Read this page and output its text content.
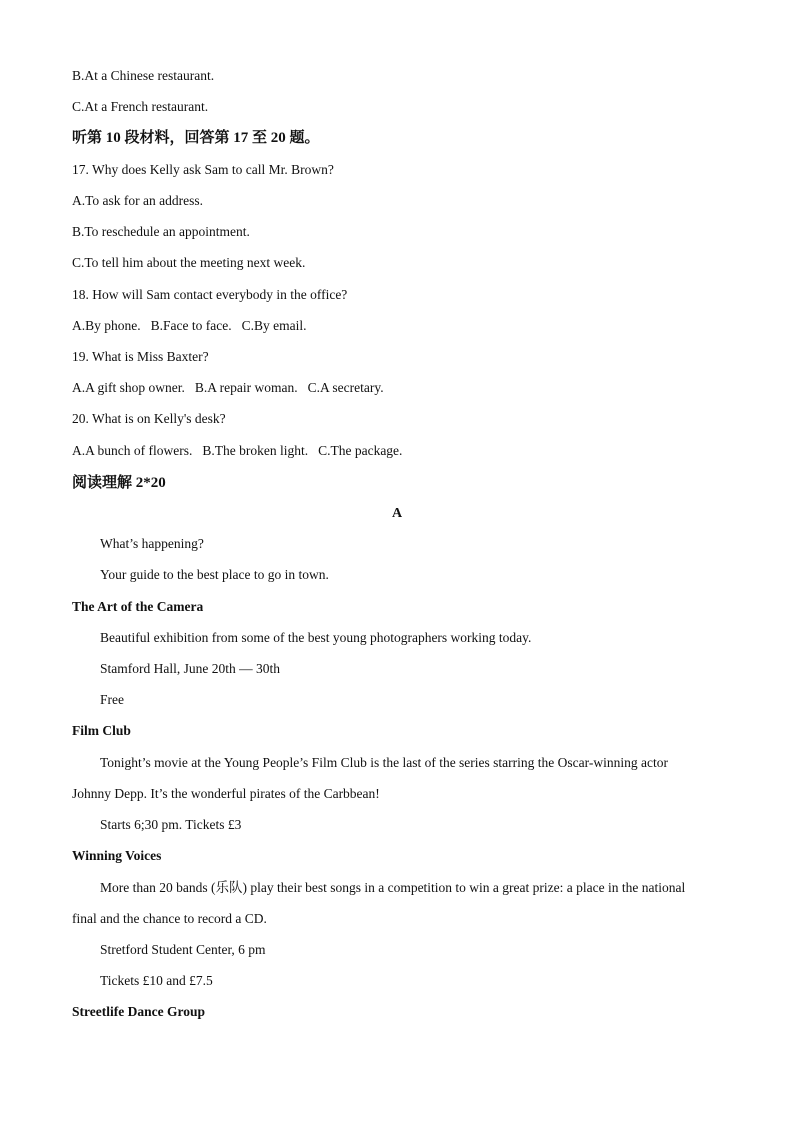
B.At a Chinese restaurant.
C.At a French restaurant.
听第 10 段材料，回答第 17 至 20 题。
17. Why does Kelly ask Sam to call Mr. Brown?
A.To ask for an address.
B.To reschedule an appointment.
C.To tell him about the meeting next week.
18. How will Sam contact everybody in the office?
A.By phone. B.Face to face. C.By email.
19. What is Miss Baxter?
A.A gift shop owner. B.A repair woman. C.A secretary.
20. What is on Kelly's desk?
A.A bunch of flowers. B.The broken light. C.The package.
阅读理解 2*20
A
What’s happening?
Your guide to the best place to go in town.
The Art of the Camera
Beautiful exhibition from some of the best young photographers working today.
Stamford Hall, June 20th — 30th
Free
Film Club
Tonight’s movie at the Young People’s Film Club is the last of the series starring the Oscar-winning actor
Johnny Depp. It’s the wonderful pirates of the Carbbean!
Starts 6;30 pm. Tickets £3
Winning Voices
More than 20 bands (乐队) play their best songs in a competition to win a great prize: a place in the national
final and the chance to record a CD.
Stretford Student Center, 6 pm
Tickets £10 and £7.5
Streetlife Dance Group
